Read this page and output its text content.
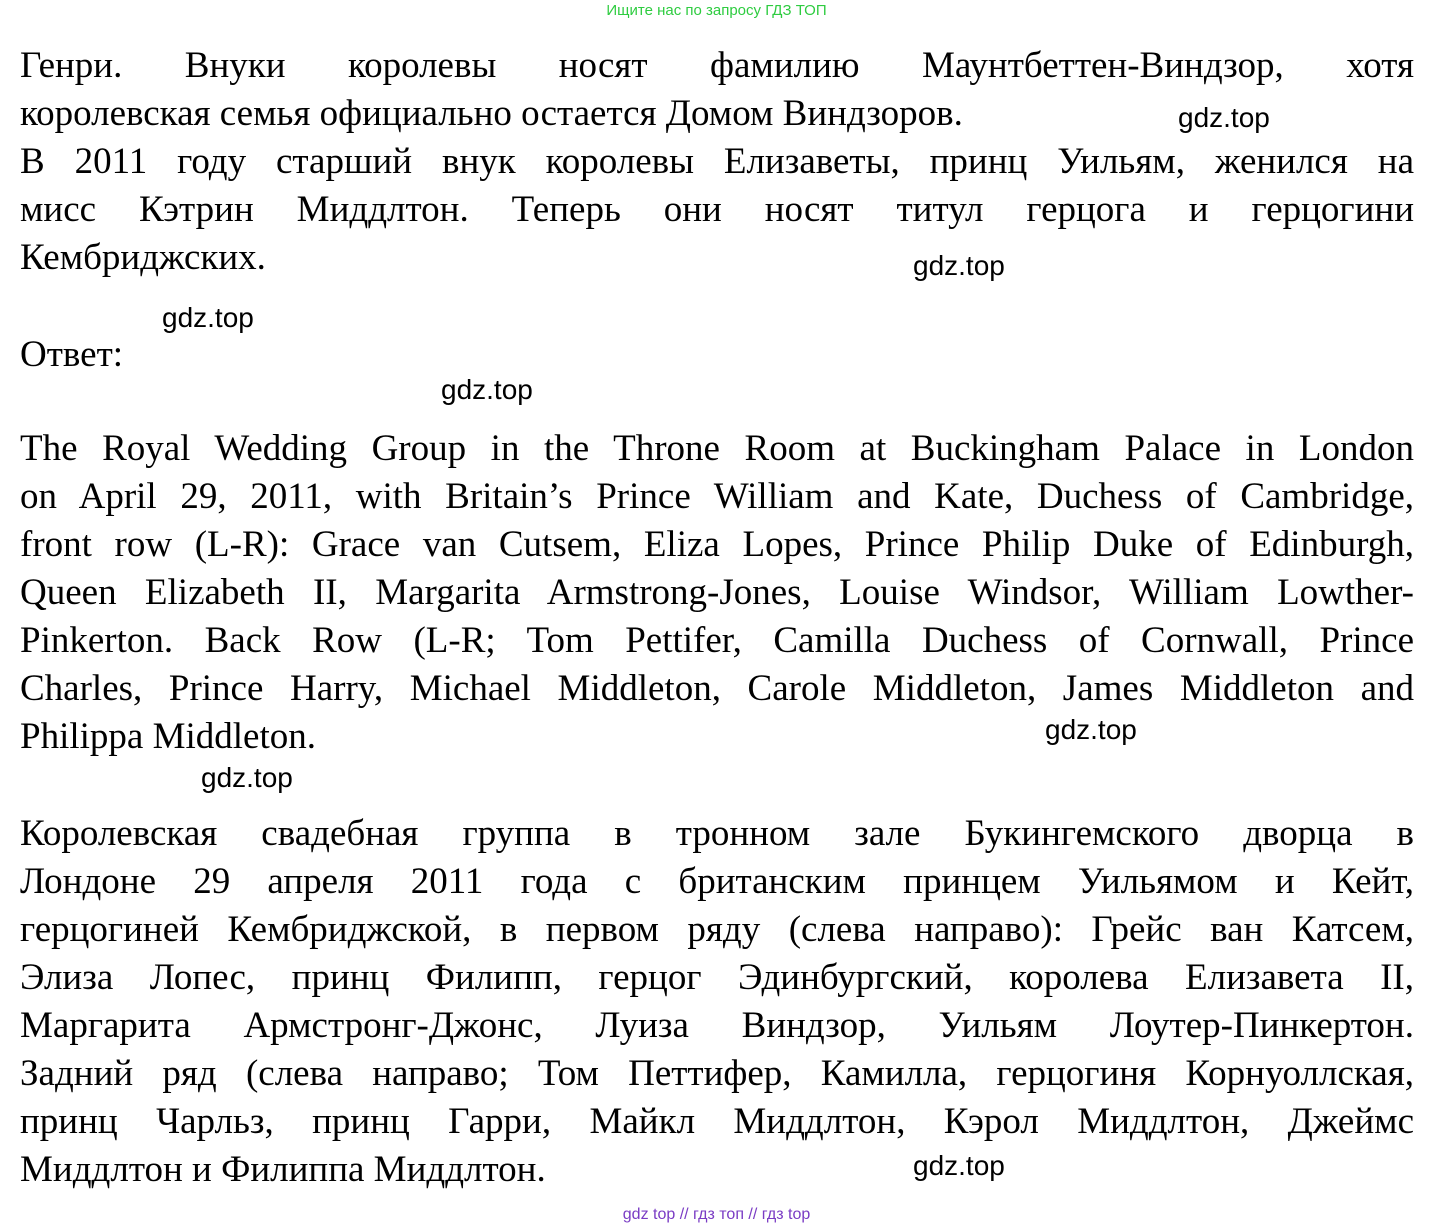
Ищите нас по запросу ГДЗ ТОП
Генри. Внуки королевы носят фамилию Маунтбеттен-Виндзор, хотя
королевская семья официально остается Домом Виндзоров.
В 2011 году старший внук королевы Елизаветы, принц Уильям, женился на
мисс Кэтрин Миддлтон. Теперь они носят титул герцога и герцогини
Кембриджских.
Ответ:
The Royal Wedding Group in the Throne Room at Buckingham Palace in London
on April 29, 2011, with Britain’s Prince William and Kate, Duchess of Cambridge,
front row (L-R): Grace van Cutsem, Eliza Lopes, Prince Philip Duke of Edinburgh,
Queen Elizabeth II, Margarita Armstrong-Jones, Louise Windsor, William Lowther-
Pinkerton. Back Row (L-R; Tom Pettifer, Camilla Duchess of Cornwall, Prince
Charles, Prince Harry, Michael Middleton, Carole Middleton, James Middleton and
Philippa Middleton.
Королевская свадебная группа в тронном зале Букингемского дворца в
Лондоне 29 апреля 2011 года с британским принцем Уильямом и Кейт,
герцогиней Кембриджской, в первом ряду (слева направо): Грейс ван Катсем,
Элиза Лопес, принц Филипп, герцог Эдинбургский, королева Елизавета II,
Маргарита Армстронг-Джонс, Луиза Виндзор, Уильям Лоутер-Пинкертон.
Задний ряд (слева направо; Том Петтифер, Камилла, герцогиня Корнуоллская,
принц Чарльз, принц Гарри, Майкл Миддлтон, Кэрол Миддлтон, Джеймс
Миддлтон и Филиппа Миддлтон.
gdz.top
gdz.top
gdz.top
gdz.top
gdz.top
gdz.top
gdz.top
gdz top // гдз топ // гдз top
